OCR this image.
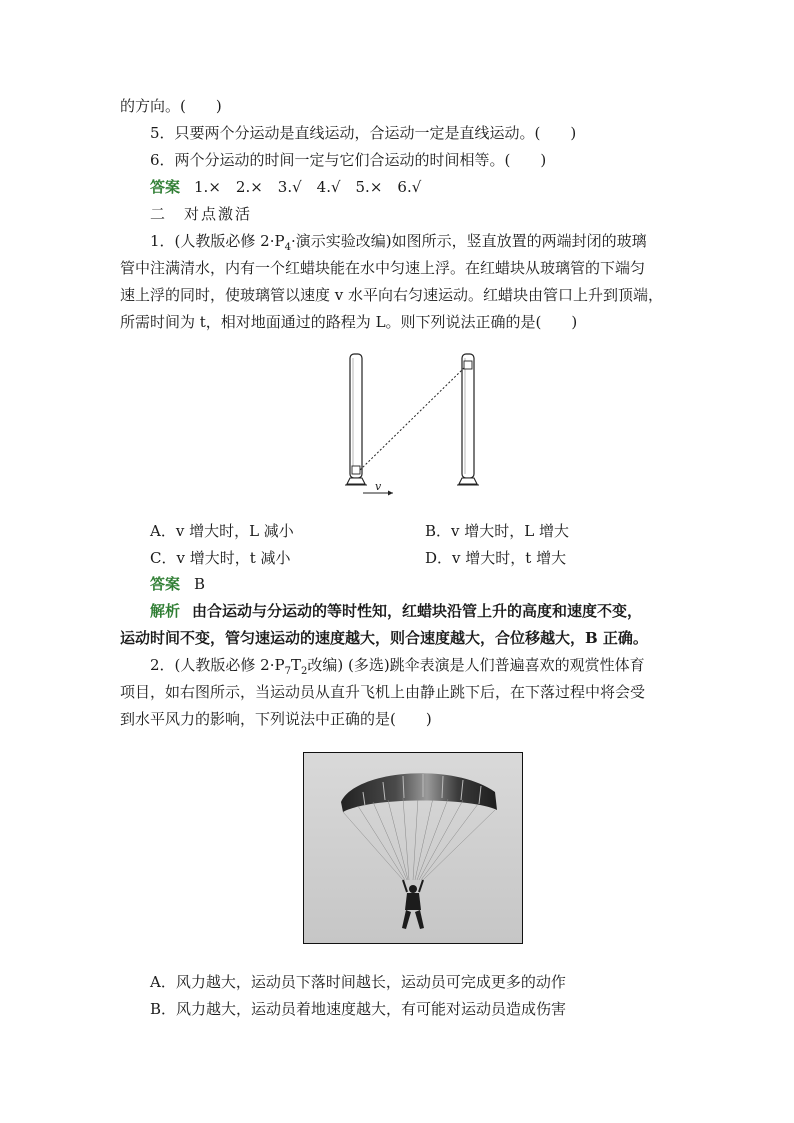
的方向。(　　)
5．只要两个分运动是直线运动，合运动一定是直线运动。(　　)
6．两个分运动的时间一定与它们合运动的时间相等。(　　)
答案 1.×　2.×　3.√　4.√　5.×　6.√
二　对点激活
1．(人教版必修 $2\cdot P_4\cdot$演示实验改编)如图所示，竖直放置的两端封闭的玻璃
管中注满清水，内有一个红蜡块能在水中匀速上浮。在红蜡块从玻璃管的下端匀
速上浮的同时，使玻璃管以速度 v 水平向右匀速运动。红蜡块由管口上升到顶端，
所需时间为 t，相对地面通过的路程为 L。则下列说法正确的是(　　)
v
A．v 增大时，L 减小	B．v 增大时，L 增大
C．v 增大时，t 减小	D．v 增大时，t 增大
答案 B
解析 由合运动与分运动的等时性知，红蜡块沿管上升的高度和速度不变，
运动时间不变，管匀速运动的速度越大，则合速度越大，合位移越大，B 正确。
2．(人教版必修 $2\cdot P_7T_2$改编) (多选)跳伞表演是人们普遍喜欢的观赏性体育
项目，如右图所示，当运动员从直升飞机上由静止跳下后，在下落过程中将会受
到水平风力的影响，下列说法中正确的是(　　)
A．风力越大，运动员下落时间越长，运动员可完成更多的动作
B．风力越大，运动员着地速度越大，有可能对运动员造成伤害
